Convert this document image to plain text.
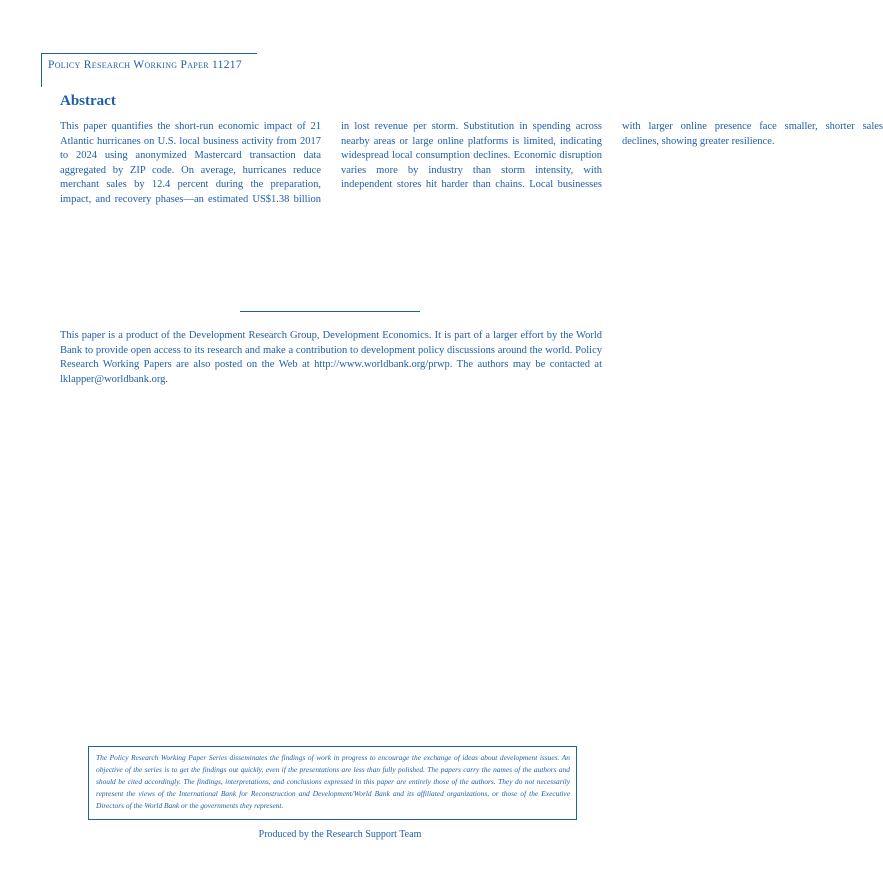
Policy Research Working Paper 11217
Abstract

This paper quantifies the short-run economic impact of 21 Atlantic hurricanes on U.S. local business activity from 2017 to 2024 using anonymized Mastercard transaction data aggregated by ZIP code. On average, hurricanes reduce merchant sales by 12.4 percent during the preparation, impact, and recovery phases—an estimated US$1.38 billion in lost revenue per storm. Substitution in spending across nearby areas or large online platforms is limited, indicating widespread local consumption declines. Economic disruption varies more by industry than storm intensity, with independent stores hit harder than chains. Local businesses with larger online presence face smaller, shorter sales declines, showing greater resilience.

This paper is a product of the Development Research Group, Development Economics. It is part of a larger effort by the World Bank to provide open access to its research and make a contribution to development policy discussions around the world. Policy Research Working Papers are also posted on the Web at http://www.worldbank.org/prwp. The authors may be contacted at lklapper@worldbank.org.

The Policy Research Working Paper Series disseminates the findings of work in progress to encourage the exchange of ideas about development issues. An objective of the series is to get the findings out quickly, even if the presentations are less than fully polished. The papers carry the names of the authors and should be cited accordingly. The findings, interpretations, and conclusions expressed in this paper are entirely those of the authors. They do not necessarily represent the views of the International Bank for Reconstruction and Development/World Bank and its affiliated organizations, or those of the Executive Directors of the World Bank or the governments they represent.

Produced by the Research Support Team
